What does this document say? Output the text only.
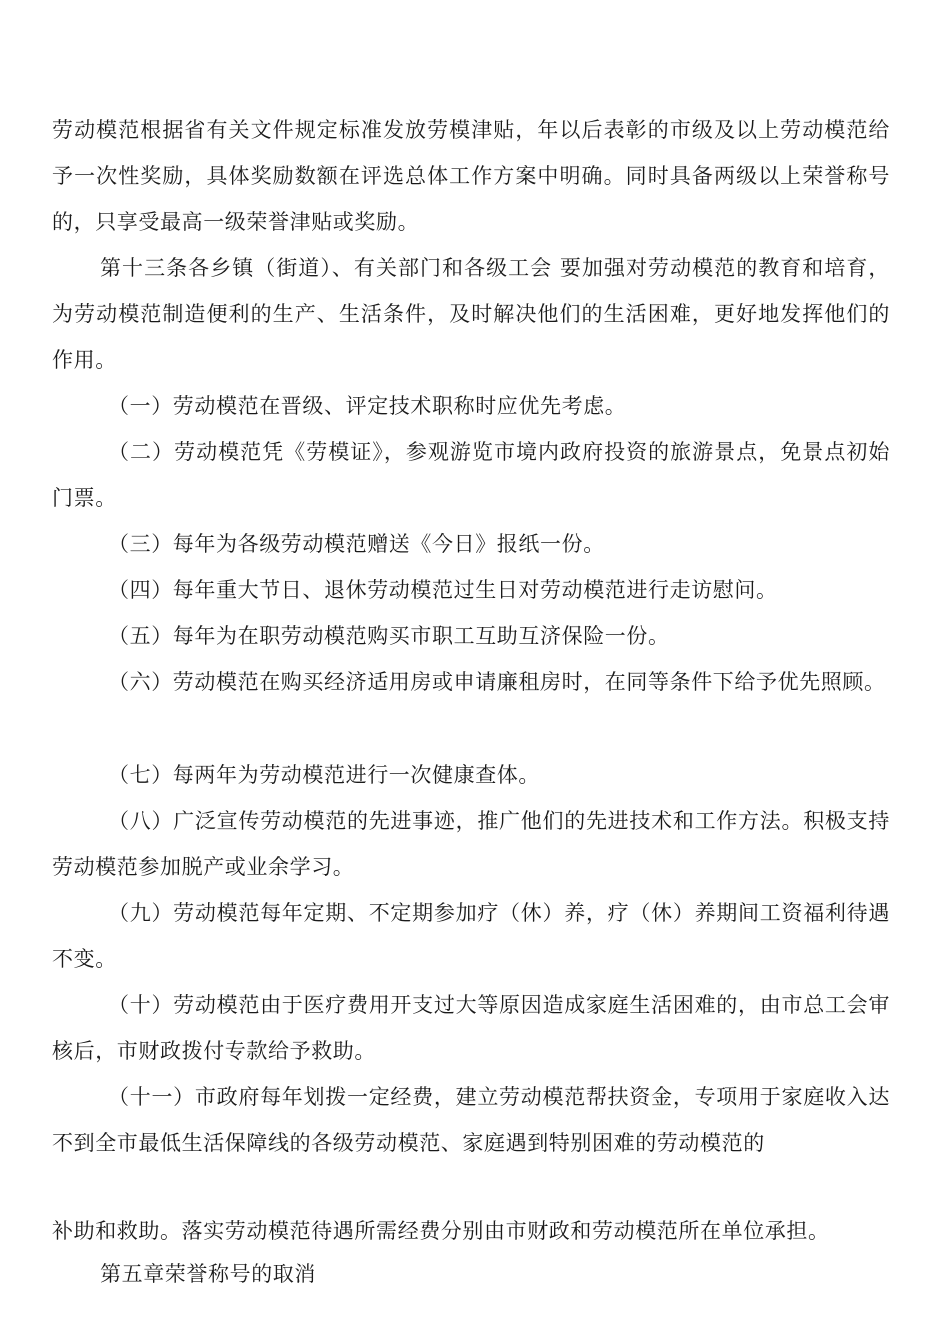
劳动模范根据省有关文件规定标准发放劳模津贴，年以后表彰的市级及以上劳动模范给予一次性奖励，具体奖励数额在评选总体工作方案中明确。同时具备两级以上荣誉称号的，只享受最高一级荣誉津贴或奖励。

第十三条各乡镇（街道）、有关部门和各级工会 要加强对劳动模范的教育和培育，为劳动模范制造便利的生产、生活条件，及时解决他们的生活困难，更好地发挥他们的作用。

（一）劳动模范在晋级、评定技术职称时应优先考虑。

（二）劳动模范凭《劳模证》，参观游览市境内政府投资的旅游景点，免景点初始门票。

（三）每年为各级劳动模范赠送《今日》报纸一份。

（四）每年重大节日、退休劳动模范过生日对劳动模范进行走访慰问。

（五）每年为在职劳动模范购买市职工互助互济保险一份。

（六）劳动模范在购买经济适用房或申请廉租房时，在同等条件下给予优先照顾。

（七）每两年为劳动模范进行一次健康查体。

（八）广泛宣传劳动模范的先进事迹，推广他们的先进技术和工作方法。积极支持劳动模范参加脱产或业余学习。

（九）劳动模范每年定期、不定期参加疗（休）养，疗（休）养期间工资福利待遇不变。

（十）劳动模范由于医疗费用开支过大等原因造成家庭生活困难的，由市总工会审核后，市财政拨付专款给予救助。

（十一）市政府每年划拨一定经费，建立劳动模范帮扶资金，专项用于家庭收入达不到全市最低生活保障线的各级劳动模范、家庭遇到特别困难的劳动模范的

补助和救助。落实劳动模范待遇所需经费分别由市财政和劳动模范所在单位承担。

第五章荣誉称号的取消
